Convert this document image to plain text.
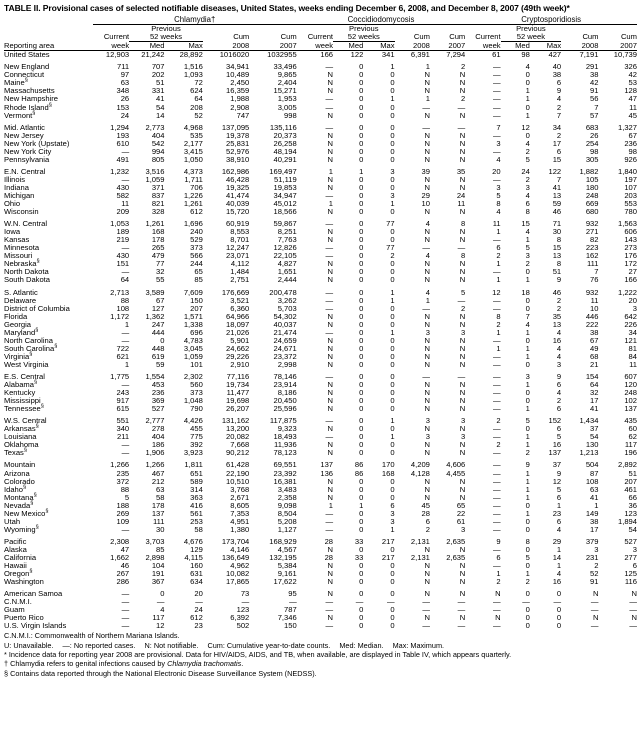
TABLE II. Provisional cases of selected notifiable diseases, United States, weeks ending December 6, 2008, and December 8, 2007 (49th week)*
	Chlamydia†					Coccidiodomycosis					Cryptosporidiosis				
		Previous					Previous					Previous			
	Current	52 weeks		Cum	Cum	Current	52 weeks		Cum	Cum	Current	52 week		Cum	Cum
Reporting area	week	Med	Max	2008	2007	week	Med	Max	2008	2007	week	Med	Max	2008	2007
United States	12,903	21,242	28,892	1016020	1032955	166	122	341	6,391	7,294	61	98	427	7,191	10,739

New England	711	707	1,516	34,941	33,496	—	0	1	1	2	—	4	40	291	326
Connecticut	97	202	1,093	10,489	9,865	N	0	0	N	N	—	0	38	38	42
Maine§	63	51	72	2,450	2,404	N	0	0	N	N	—	0	6	42	53
Massachusetts	348	331	624	16,359	15,271	N	0	0	N	N	—	1	9	91	128
New Hampshire	26	41	64	1,988	1,953	—	0	1	1	2	—	1	4	56	47
Rhode Island§	153	54	208	2,908	3,005	—	0	0	—	—	—	0	2	7	11
Vermont§	24	14	52	747	998	N	0	0	N	N	—	1	7	57	45

Mid. Atlantic	1,294	2,773	4,968	137,095	135,116	—	0	0	—	—	7	12	34	683	1,327
New Jersey	193	404	535	19,378	20,373	N	0	0	N	N	—	0	2	26	67
New York (Upstate)	610	542	2,177	25,831	26,258	N	0	0	N	N	3	4	17	254	236
New York City	—	994	3,415	52,976	48,194	N	0	0	N	N	—	2	6	98	98
Pennsylvania	491	805	1,050	38,910	40,291	N	0	0	N	N	4	5	15	305	926

E.N. Central	1,232	3,516	4,373	162,986	169,497	1	1	3	39	35	20	24	122	1,882	1,840
Illinois	—	1,059	1,711	46,428	51,119	N	0	0	N	N	—	2	7	105	197
Indiana	430	371	706	19,325	19,853	N	0	0	N	N	3	3	41	180	107
Michigan	582	837	1,226	41,474	34,947	—	0	3	29	24	5	4	13	248	203
Ohio	11	821	1,261	40,039	45,012	1	0	1	10	11	8	6	59	669	553
Wisconsin	209	328	612	15,720	18,566	N	0	0	N	N	4	8	46	680	780

W.N. Central	1,053	1,261	1,696	60,919	59,867	—	0	77	4	8	11	15	71	932	1,563
Iowa	189	168	240	8,553	8,251	N	0	0	N	N	1	4	30	271	606
Kansas	219	178	529	8,701	7,763	N	0	0	N	N	—	1	8	82	143
Minnesota	—	265	373	12,247	12,826	—	0	77	—	—	6	5	15	223	273
Missouri	430	479	566	23,071	22,105	—	0	2	4	8	2	3	13	162	176
Nebraska§	151	77	244	4,112	4,827	N	0	0	N	N	1	2	8	111	172
North Dakota	—	32	65	1,484	1,651	N	0	0	N	N	—	0	51	7	27
South Dakota	64	55	85	2,751	2,444	N	0	0	N	N	1	1	9	76	166

S. Atlantic	2,713	3,589	7,609	176,669	200,478	—	0	1	4	5	12	18	46	932	1,222
Delaware	88	67	150	3,521	3,262	—	0	1	1	—	—	0	2	11	20
District of Columbia	108	127	207	6,360	5,703	—	0	0	—	2	—	0	2	10	3
Florida	1,172	1,362	1,571	64,966	54,302	N	0	0	N	N	8	7	35	446	642
Georgia	1	247	1,338	18,097	40,037	N	0	0	N	N	2	4	13	222	226
Maryland§	—	444	696	21,026	21,474	—	0	1	3	3	1	1	4	38	34
North Carolina	—	0	4,783	5,901	24,659	N	0	0	N	N	—	0	16	67	121
South Carolina§	722	448	3,045	24,662	24,671	N	0	0	N	N	1	1	4	49	81
Virginia§	621	619	1,059	29,226	23,372	N	0	0	N	N	—	1	4	68	84
West Virginia	1	59	101	2,910	2,998	N	0	0	N	N	—	0	3	21	11

E.S. Central	1,775	1,554	2,302	77,116	78,146	—	0	0	—	—	—	3	9	154	607
Alabama§	—	453	560	19,734	23,914	N	0	0	N	N	—	1	6	64	120
Kentucky	243	236	373	11,477	8,186	N	0	0	N	N	—	0	4	32	248
Mississippi	917	369	1,048	19,698	20,450	N	0	0	N	N	—	0	2	17	102
Tennessee§	615	527	790	26,207	25,596	N	0	0	N	N	—	1	6	41	137

W.S. Central	551	2,777	4,426	131,162	117,875	—	0	1	3	3	2	5	152	1,434	435
Arkansas§	340	278	455	13,200	9,323	N	0	0	N	N	—	0	6	37	60
Louisiana	211	404	775	20,082	18,493	—	0	1	3	3	—	1	5	54	62
Oklahoma	—	186	392	7,668	11,936	N	0	0	N	N	2	1	16	130	117
Texas§	—	1,906	3,923	90,212	78,123	N	0	0	N	N	—	2	137	1,213	196

Mountain	1,266	1,266	1,811	61,428	69,551	137	86	170	4,209	4,606	—	9	37	504	2,892
Arizona	235	467	651	22,190	23,392	136	86	168	4,128	4,455	—	1	9	87	51
Colorado	372	212	589	10,510	16,381	N	0	0	N	N	—	1	12	108	207
Idaho§	88	63	314	3,768	3,483	N	0	0	N	N	—	1	5	63	461
Montana§	5	58	363	2,671	2,358	N	0	0	N	N	—	1	6	41	66
Nevada§	188	178	416	8,605	9,098	1	1	6	45	65	—	0	1	1	36
New Mexico§	269	137	561	7,353	8,504	—	0	3	28	22	—	1	23	149	123
Utah	109	111	253	4,951	5,208	—	0	3	6	61	—	0	6	38	1,894
Wyoming§	—	30	58	1,380	1,127	—	0	1	2	3	—	0	4	17	54

Pacific	2,308	3,703	4,676	173,704	168,929	28	33	217	2,131	2,635	9	8	29	379	527
Alaska	47	85	129	4,146	4,567	N	0	0	N	N	—	0	1	3	3
California	1,662	2,898	4,115	136,649	132,195	28	33	217	2,131	2,635	6	5	14	231	277
Hawaii	46	104	160	4,962	5,384	N	0	0	N	N	—	0	1	2	6
Oregon§	267	191	631	10,082	9,161	N	0	0	N	N	1	1	4	52	125
Washington	286	367	634	17,865	17,622	N	0	0	N	N	2	2	16	91	116

American Samoa	—	0	20	73	95	N	0	0	N	N	N	0	0	N	N
C.N.M.I.	—	—	—	—	—	—	—	—	—	—	—	—	—	—	—
Guam	—	4	24	123	787	—	0	0	—	—	—	0	0	—	—
Puerto Rico	—	117	612	6,392	7,346	N	0	0	N	N	N	0	0	N	N
U.S. Virgin Islands	—	12	23	502	150	—	0	0	—	—	—	0	0	—	—
C.N.M.I.: Commonwealth of Northern Mariana Islands.
U: Unavailable. —: No reported cases. N: Not notifiable. Cum: Cumulative year-to-date counts. Med: Median. Max: Maximum.
* Incidence data for reporting year 2008 are provisional. Data for HIV/AIDS, AIDS, and TB, when available, are displayed in Table IV, which appears quarterly.
† Chlamydia refers to genital infections caused by Chlamydia trachomatis.
§ Contains data reported through the National Electronic Disease Surveillance System (NEDSS).
